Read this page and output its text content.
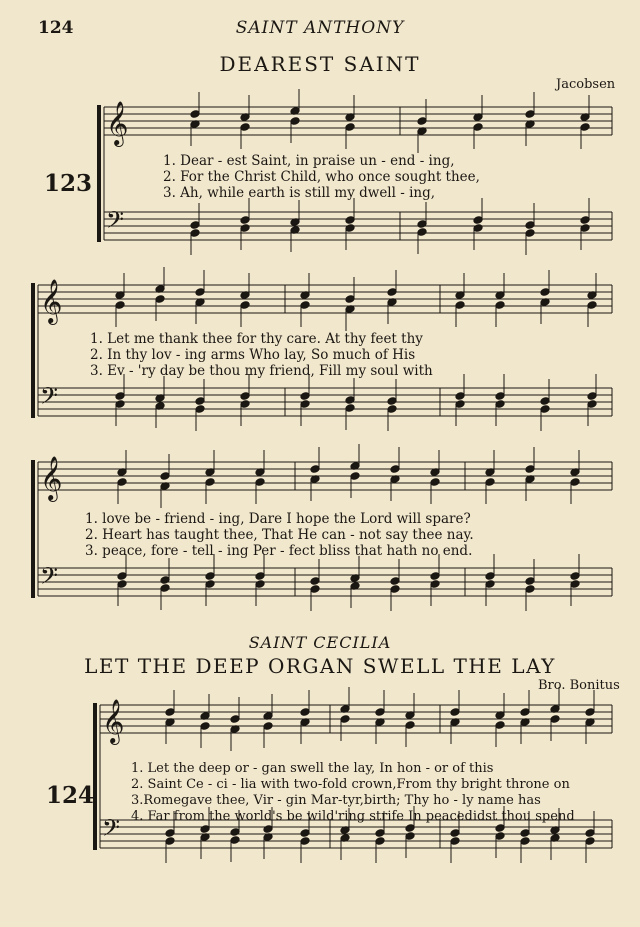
124	SAINT ANTHONY
DEAREST SAINT
Jacobsen
123
𝄞
𝄢
𝄞
𝄢
𝄞
𝄢
𝄞
𝄢
1. Dear - est Saint, in praise un - end - ing,
2. For the Christ Child, who once sought thee,
3. Ah, while earth is still my dwell - ing,
1. Let me thank thee for thy care. At thy feet thy
2. In thy lov - ing arms Who lay, So much of His
3. Ev - 'ry day be thou my friend, Fill my soul with
1. love be - friend - ing, Dare I hope the Lord will spare?
2. Heart has taught thee, That He can - not say thee nay.
3. peace, fore - tell - ing Per - fect bliss that hath no end.
SAINT CECILIA
LET THE DEEP ORGAN SWELL THE LAY
Bro. Bonitus
124
1. Let the deep or - gan swell the lay, In hon - or of this
2. Saint Ce - ci - lia with two-fold crown,From thy bright throne on
3.Romegave thee, Vir - gin Mar-tyr,birth; Thy ho - ly name has
4. Far from the world's be wild'ring strife In peacedidst thou spend
